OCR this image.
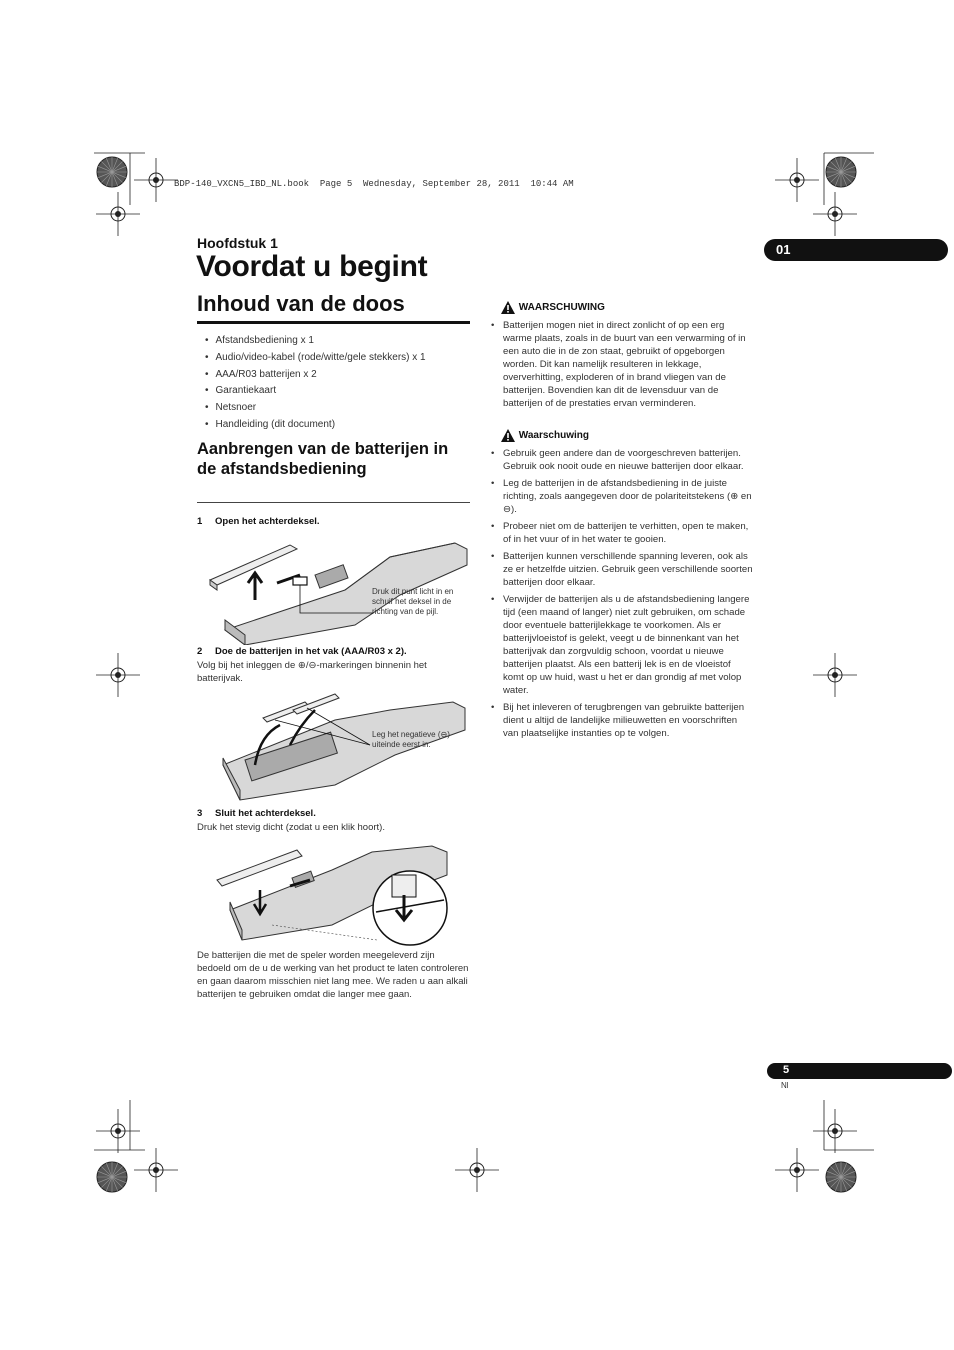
BDP-140_VXCN5_IBD_NL.book  Page 5  Wednesday, September 28, 2011  10:44 AM
01
Hoofdstuk 1
Voordat u begint
Inhoud van de doos
• Afstandsbediening x 1
• Audio/video-kabel (rode/witte/gele stekkers) x 1
• AAA/R03 batterijen x 2
• Garantiekaart
• Netsnoer
• Handleiding (dit document)
Aanbrengen van de batterijen in de afstandsbediening
1 Open het achterdeksel.
Druk dit punt licht in en schuif het deksel in de richting van de pijl.
2 Doe de batterijen in het vak (AAA/R03 x 2).
Volg bij het inleggen de ⊕/⊖-markeringen binnenin het batterijvak.
Leg het negatieve (⊖) uiteinde eerst in.
3 Sluit het achterdeksel.
Druk het stevig dicht (zodat u een klik hoort).
De batterijen die met de speler worden meegeleverd zijn bedoeld om de u de werking van het product te laten controleren en gaan daarom misschien niet lang mee. We raden u aan alkali batterijen te gebruiken omdat die langer mee gaan.
WAARSCHUWING
• Batterijen mogen niet in direct zonlicht of op een erg warme plaats, zoals in de buurt van een verwarming of in een auto die in de zon staat, gebruikt of opgeborgen worden. Dit kan namelijk resulteren in lekkage, oververhitting, exploderen of in brand vliegen van de batterijen. Bovendien kan dit de levensduur van de batterijen of de prestaties ervan verminderen.
Waarschuwing
• Gebruik geen andere dan de voorgeschreven batterijen. Gebruik ook nooit oude en nieuwe batterijen door elkaar.
• Leg de batterijen in de afstandsbediening in de juiste richting, zoals aangegeven door de polariteitstekens (⊕ en ⊖).
• Probeer niet om de batterijen te verhitten, open te maken, of in het vuur of in het water te gooien.
• Batterijen kunnen verschillende spanning leveren, ook als ze er hetzelfde uitzien. Gebruik geen verschillende soorten batterijen door elkaar.
• Verwijder de batterijen als u de afstandsbediening langere tijd (een maand of langer) niet zult gebruiken, om schade door eventuele batterijlekkage te voorkomen. Als er batterijvloeistof is gelekt, veegt u de binnenkant van het batterijvak dan zorgvuldig schoon, voordat u nieuwe batterijen plaatst. Als een batterij lek is en de vloeistof komt op uw huid, wast u het er dan grondig af met volop water.
• Bij het inleveren of terugbrengen van gebruikte batterijen dient u altijd de landelijke milieuwetten en voorschriften van plaatselijke instanties op te volgen.
5
Nl
